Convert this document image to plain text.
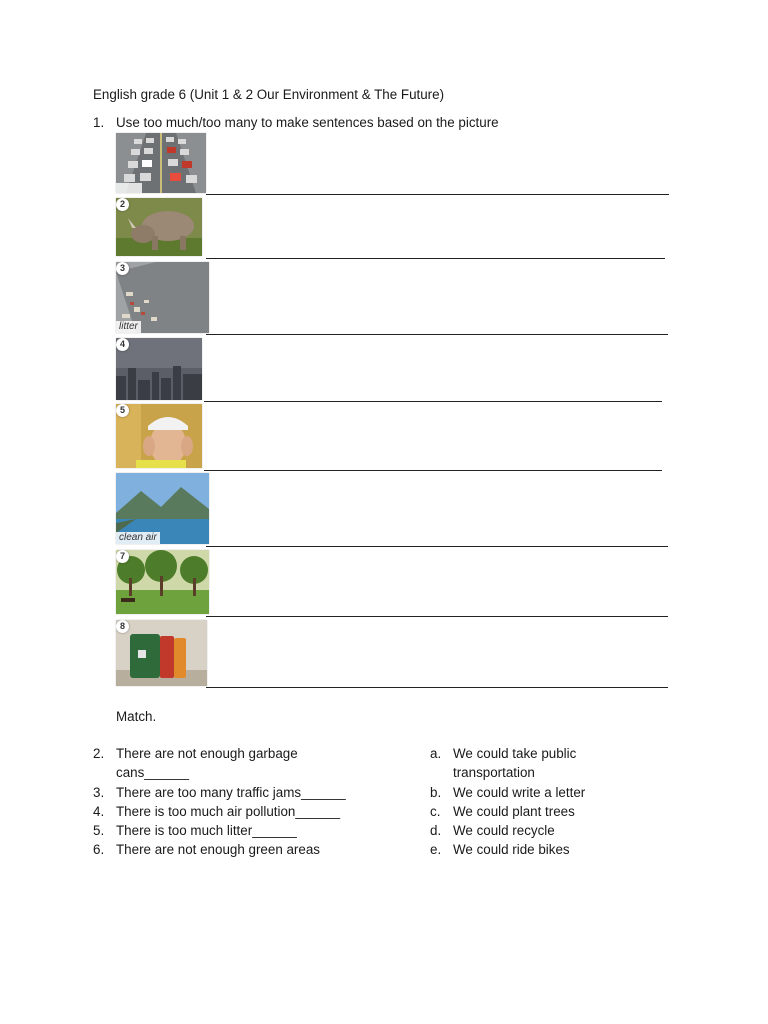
English grade 6 (Unit 1 & 2 Our Environment & The Future)
1. Use too much/too many to make sentences based on the picture
2
3
litter
4
5
clean air
7
8
Match.
2. There are not enough garbage
cans______
3. There are too many traffic jams______
4. There is too much air pollution______
5. There is too much litter______
6. There are not enough green areas
a. We could take public
transportation
b. We could write a letter
c. We could plant trees
d. We could recycle
e. We could ride bikes
